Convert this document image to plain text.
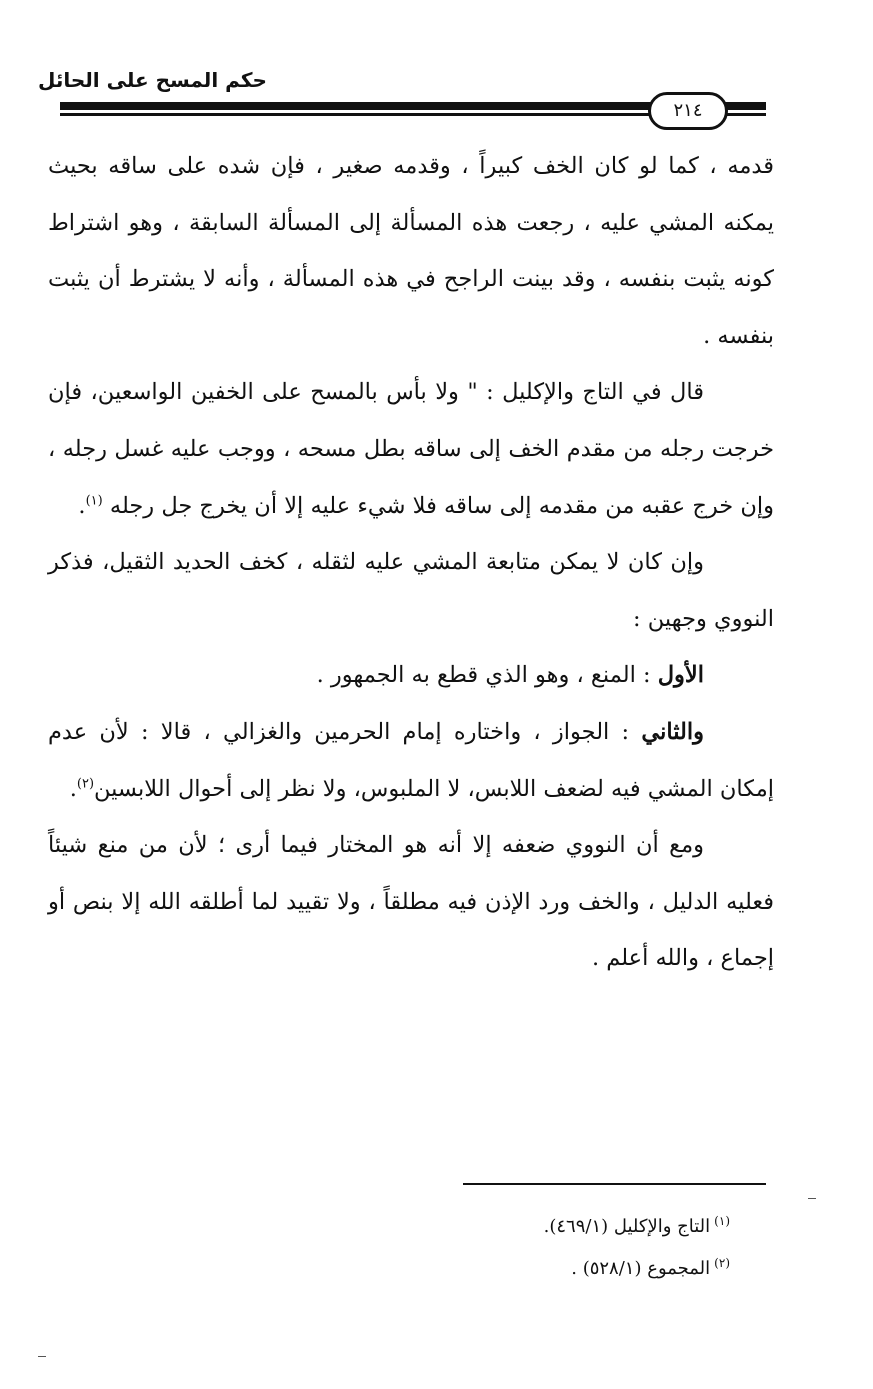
حكم المسح على الحائل
٢١٤

قدمه ، كما لو كان الخف كبيراً ، وقدمه صغير ، فإن شده على ساقه بحيث يمكنه المشي عليه ، رجعت هذه المسألة إلى المسألة السابقة ، وهو اشتراط كونه يثبت بنفسه ، وقد بينت الراجح في هذه المسألة ، وأنه لا يشترط أن يثبت بنفسه .

قال في التاج والإكليل : " ولا بأس بالمسح على الخفين الواسعين، فإن خرجت رجله من مقدم الخف إلى ساقه بطل مسحه ، ووجب عليه غسل رجله ، وإن خرج عقبه من مقدمه إلى ساقه فلا شيء عليه إلا أن يخرج جل رجله $^{(١)}$.

وإن كان لا يمكن متابعة المشي عليه لثقله ، كخف الحديد الثقيل، فذكر النووي وجهين :

الأول : المنع ، وهو الذي قطع به الجمهور .

والثاني : الجواز ، واختاره إمام الحرمين والغزالي ، قالا : لأن عدم إمكان المشي فيه لضعف اللابس، لا الملبوس، ولا نظر إلى أحوال اللابسين$^{(٢)}$.

ومع أن النووي ضعفه إلا أنه هو المختار فيما أرى ؛ لأن من منع شيئاً فعليه الدليل ، والخف ورد الإذن فيه مطلقاً ، ولا تقييد لما أطلقه الله إلا بنص أو إجماع ، والله أعلم .

$^{(١)}$التاج والإكليل (٤٦٩/١).

$^{(٢)}$المجموع (٥٢٨/١) .
